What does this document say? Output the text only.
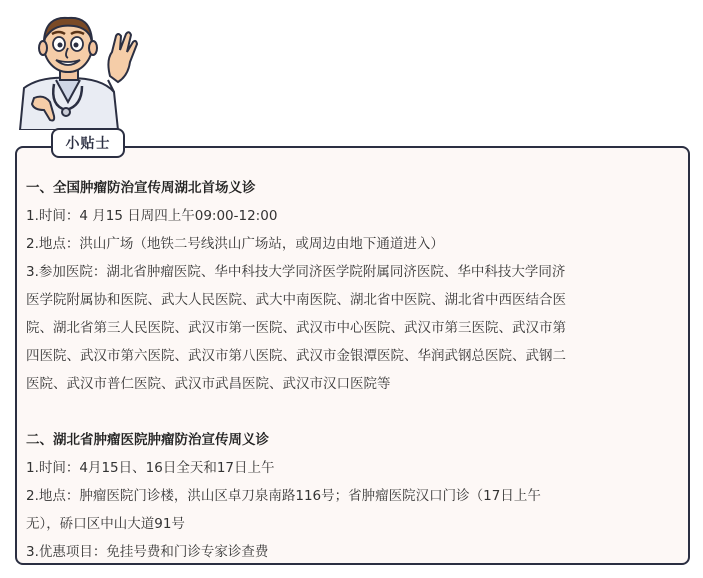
小贴士

一、全国肿瘤防治宣传周湖北首场义诊

1.时间：4 月15 日周四上午09:00-12:00

2.地点：洪山广场（地铁二号线洪山广场站，或周边由地下通道进入）

3.参加医院：湖北省肿瘤医院、华中科技大学同济医学院附属同济医院、华中科技大学同济

医学院附属协和医院、武大人民医院、武大中南医院、湖北省中医院、湖北省中西医结合医

院、湖北省第三人民医院、武汉市第一医院、武汉市中心医院、武汉市第三医院、武汉市第

四医院、武汉市第六医院、武汉市第八医院、武汉市金银潭医院、华润武钢总医院、武钢二

医院、武汉市普仁医院、武汉市武昌医院、武汉市汉口医院等

二、湖北省肿瘤医院肿瘤防治宣传周义诊

1.时间：4月15日、16日全天和17日上午

2.地点：肿瘤医院门诊楼，洪山区卓刀泉南路116号；省肿瘤医院汉口门诊（17日上午

无），硚口区中山大道91号

3.优惠项目：免挂号费和门诊专家诊查费
